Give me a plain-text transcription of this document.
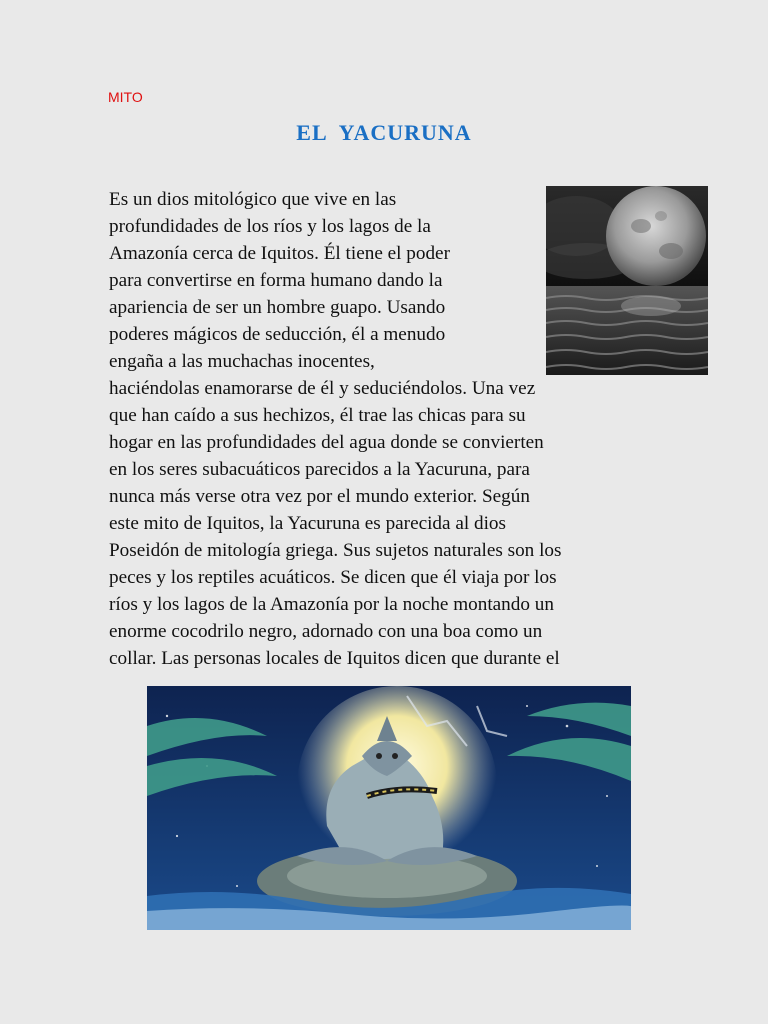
MITO
EL  YACURUNA
Es un dios mitológico que vive en las
profundidades de los ríos y los lagos de la
Amazonía cerca de Iquitos. Él tiene el poder
para convertirse en forma humano dando la
apariencia de ser un hombre guapo. Usando
poderes mágicos de seducción, él a menudo
engaña a las muchachas inocentes,
haciéndolas enamorarse de él y seduciéndolos. Una vez
que han caído a sus hechizos, él trae las chicas para su
hogar en las profundidades del agua donde se convierten
en los seres subacuáticos parecidos a la Yacuruna, para
nunca más verse otra vez por el mundo exterior. Según
este mito de Iquitos, la Yacuruna es parecida al dios
Poseidón de mitología griega. Sus sujetos naturales son los
peces y los reptiles acuáticos. Se dicen que él viaja por los
ríos y los lagos de la Amazonía por la noche montando un
enorme cocodrilo negro, adornado con una boa como un
collar. Las personas locales de Iquitos dicen que durante el
